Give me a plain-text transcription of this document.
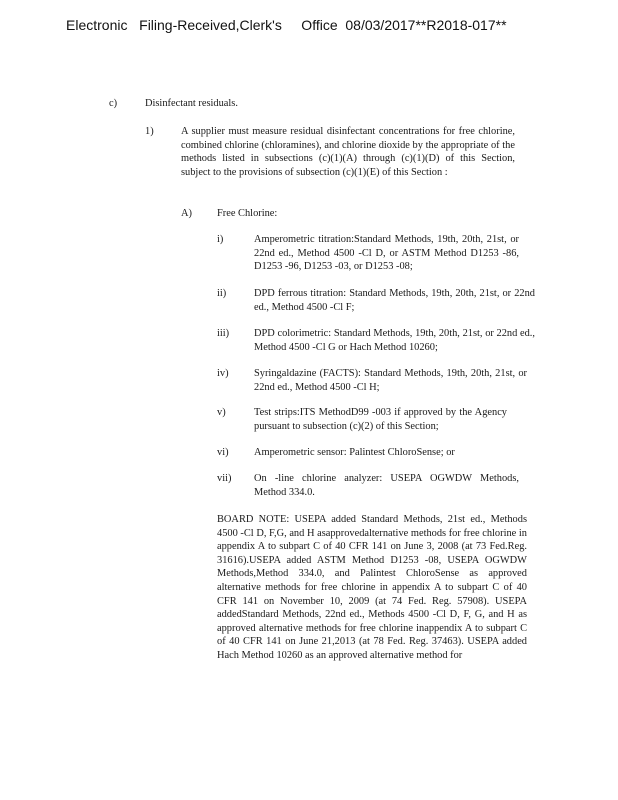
Electronic   Filing-Received,Clerk's     Office  08/03/2017**R2018-017**
c)	Disinfectant residuals.
1)	A supplier must measure residual disinfectant concentrations for free chlorine, combined chlorine (chloramines), and chlorine dioxide by the appropriate of the methods listed in subsections (c)(1)(A) through (c)(1)(D) of this Section, subject to the provisions of subsection (c)(1)(E) of this Section :
A) Free Chlorine:
i)	Amperometric titration:Standard Methods, 19th, 20th, 21st, or 22nd ed., Method 4500 -Cl D, or ASTM Method D1253 -86, D1253 -96, D1253 -03, or D1253 -08;
ii)	DPD ferrous titration: Standard Methods, 19th, 20th, 21st, or 22nd ed., Method 4500 -Cl F;
iii) DPD colorimetric: Standard Methods, 19th, 20th, 21st, or 22nd ed., Method 4500 -Cl G or Hach Method 10260;
iv) Syringaldazine (FACTS): Standard Methods, 19th, 20th, 21st, or 22nd ed., Method 4500 -Cl H;
v)	Test strips:ITS MethodD99 -003 if approved by the Agency pursuant to subsection (c)(2) of this Section;
vi) Amperometric sensor: Palintest ChloroSense; or
vii) On -line chlorine analyzer: USEPA OGWDW Methods, Method 334.0.
BOARD NOTE: USEPA added Standard Methods, 21st ed., Methods 4500 -Cl D, F,G, and H asapprovedalternative methods for free chlorine in appendix A to subpart C of 40 CFR 141 on June 3, 2008 (at 73 Fed.Reg. 31616).USEPA added ASTM Method D1253 -08, USEPA OGWDW Methods,Method 334.0, and Palintest ChloroSense as approved alternative methods for free chlorine in appendix A to subpart C of 40 CFR 141 on November 10, 2009 (at 74 Fed. Reg. 57908). USEPA addedStandard Methods, 22nd ed., Methods 4500 -Cl D, F, G, and H as approved alternative methods for free chlorine inappendix A to subpart C of 40 CFR 141 on June 21,2013 (at 78 Fed. Reg. 37463). USEPA added Hach Method 10260 as an approved alternative method for
